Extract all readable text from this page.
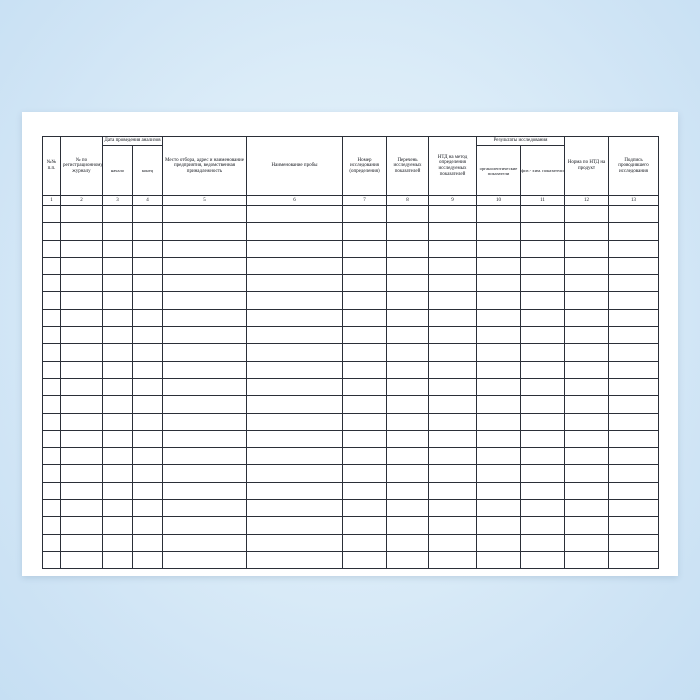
№№ п.п.	№ по регистрационному журналу	Дата проведения анализов		Место отбора, адрес и наименование предприятия, ведомственная принадлежность	Наименование пробы	Номер исследования (определения)	Перечень исследуемых показателей	НТД на метод определения исследуемых показателей	Результаты исследования		Норма по НТД на продукт	Подпись проводившего исследования
		начало	конец						органолептические показатели	физ.- хим. показатели		
1	2	3	4	5	6	7	8	9	10	11	12	13
